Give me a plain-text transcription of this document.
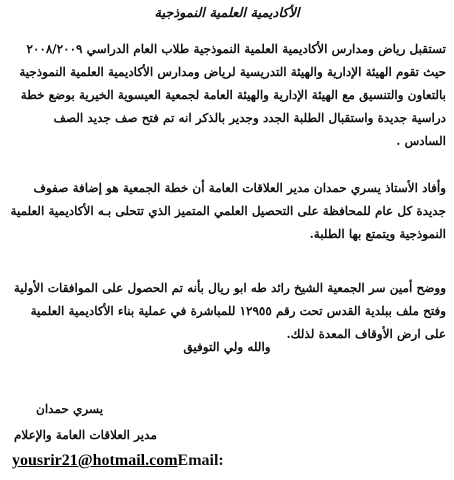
الأكاديمية العلمية النموذجية

تستقبل رياض ومدارس الأكاديمية العلمية النموذجية طلاب العام الدراسي ٢٠٠٨/٢٠٠٩ حيث تقوم الهيئة الإدارية والهيئة التدريسية لرياض ومدارس الأكاديمية العلمية النموذجية بالتعاون والتنسيق مع الهيئة الإدارية والهيئة العامة لجمعية العيسوية الخيرية بوضع خطة دراسية جديدة واستقبال الطلبة الجدد وجدير بالذكر انه تم فتح صف جديد الصف السادس .

وأفاد الأستاذ يسري حمدان مدير العلاقات العامة أن خطة الجمعية هو إضافة صفوف جديدة كل عام للمحافظة على التحصيل العلمي المتميز الذي تتحلى بـه الأكاديمية العلمية النموذجية ويتمتع بها الطلبة.

ووضح أمين سر الجمعية الشيخ رائد طه ابو ريال بأنه تم الحصول على الموافقات الأولية وفتح ملف ببلدية القدس تحت رقم ١٢٩٥٥ للمباشرة في عملية بناء الأكاديمية العلمية على ارض الأوقاف المعدة لذلك.

والله ولي التوفيق
يسري حمدان
مدير العلاقات العامة والإعلام
yousrir21@hotmail.comEmail:
